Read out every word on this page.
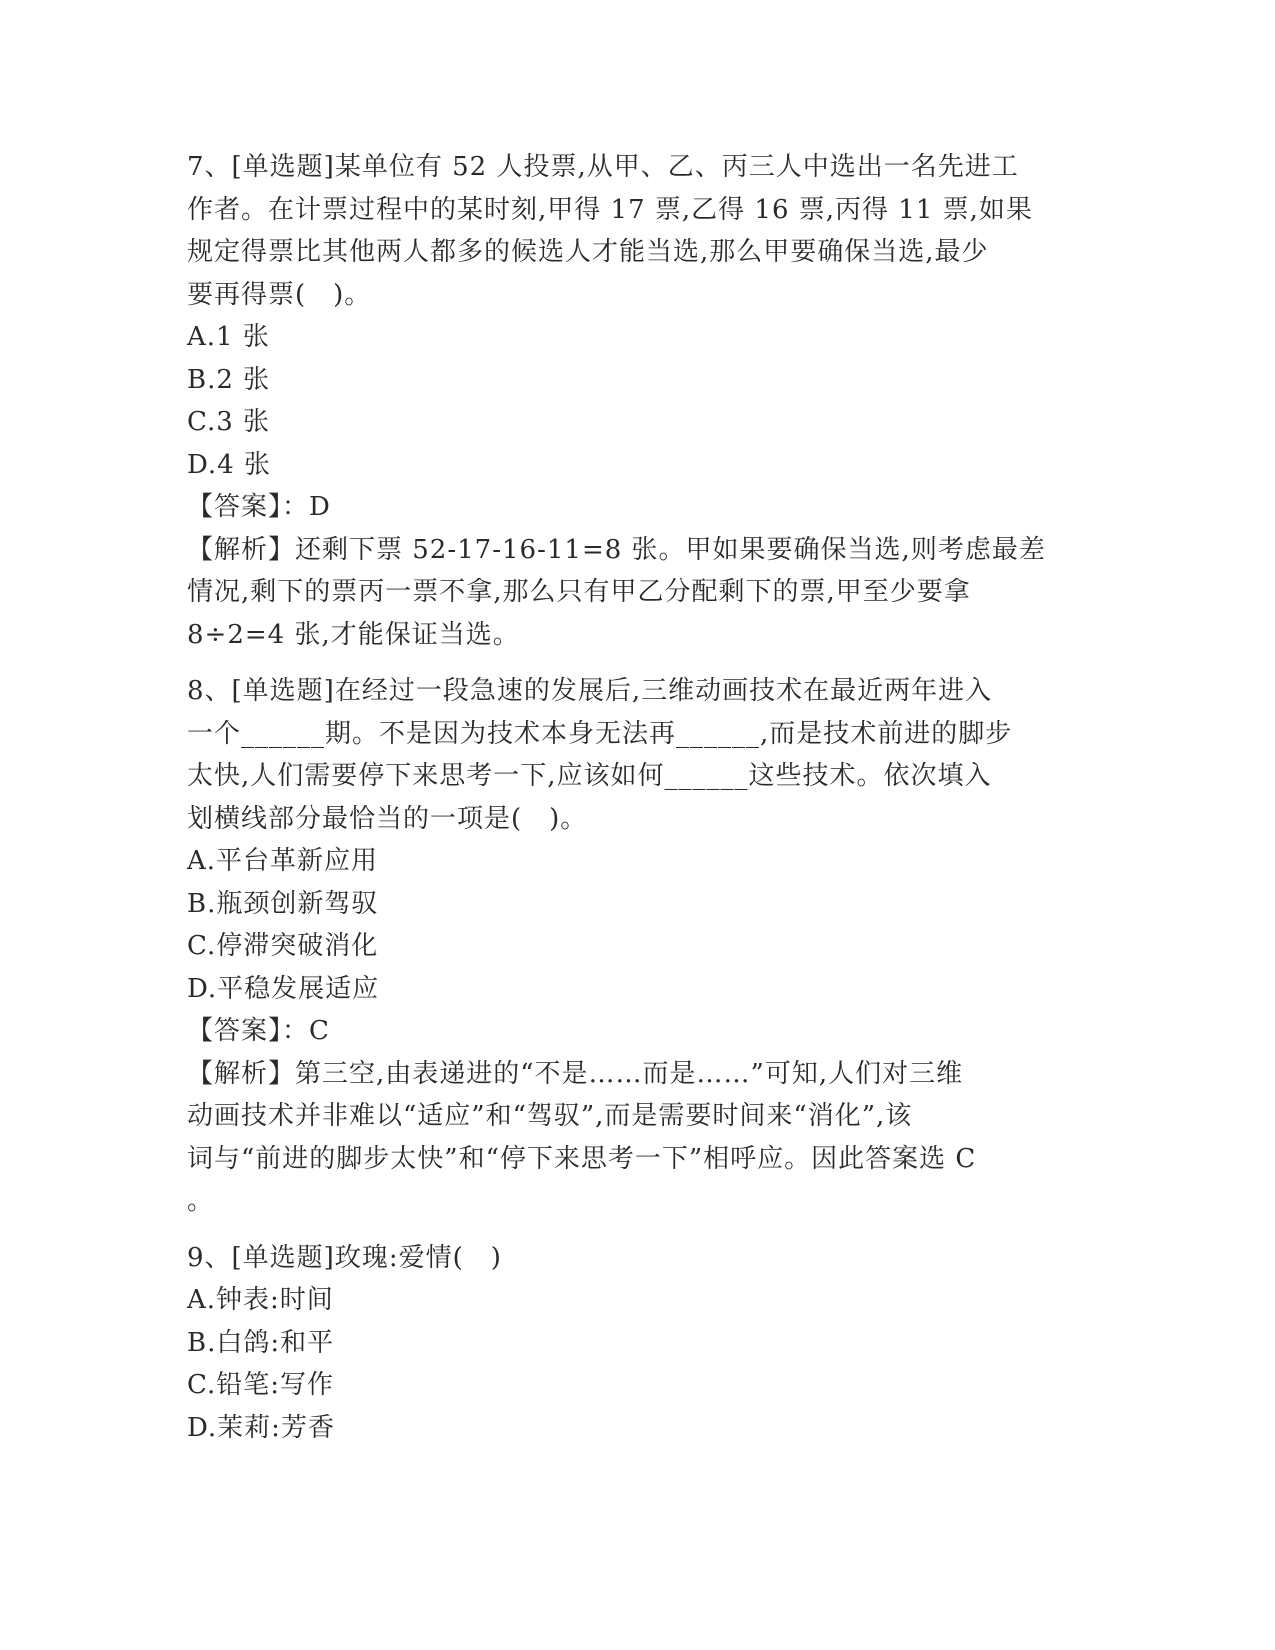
7、[单选题]某单位有 52 人投票,从甲、乙、丙三人中选出一名先进工
作者。在计票过程中的某时刻,甲得 17 票,乙得 16 票,丙得 11 票,如果
规定得票比其他两人都多的候选人才能当选,那么甲要确保当选,最少
要再得票(　)。
A.1 张
B.2 张
C.3 张
D.4 张
【答案】：D
【解析】还剩下票 52-17-16-11=8 张。甲如果要确保当选,则考虑最差
情况,剩下的票丙一票不拿,那么只有甲乙分配剩下的票,甲至少要拿
8÷2=4 张,才能保证当选。
8、[单选题]在经过一段急速的发展后,三维动画技术在最近两年进入
一个______期。不是因为技术本身无法再______,而是技术前进的脚步
太快,人们需要停下来思考一下,应该如何______这些技术。依次填入
划横线部分最恰当的一项是(　)。
A.平台革新应用
B.瓶颈创新驾驭
C.停滞突破消化
D.平稳发展适应
【答案】：C
【解析】第三空,由表递进的“不是……而是……”可知,人们对三维
动画技术并非难以“适应”和“驾驭”,而是需要时间来“消化”,该
词与“前进的脚步太快”和“停下来思考一下”相呼应。因此答案选 C
。
9、[单选题]玫瑰:爱情(　)
A.钟表:时间
B.白鸽:和平
C.铅笔:写作
D.茉莉:芳香
